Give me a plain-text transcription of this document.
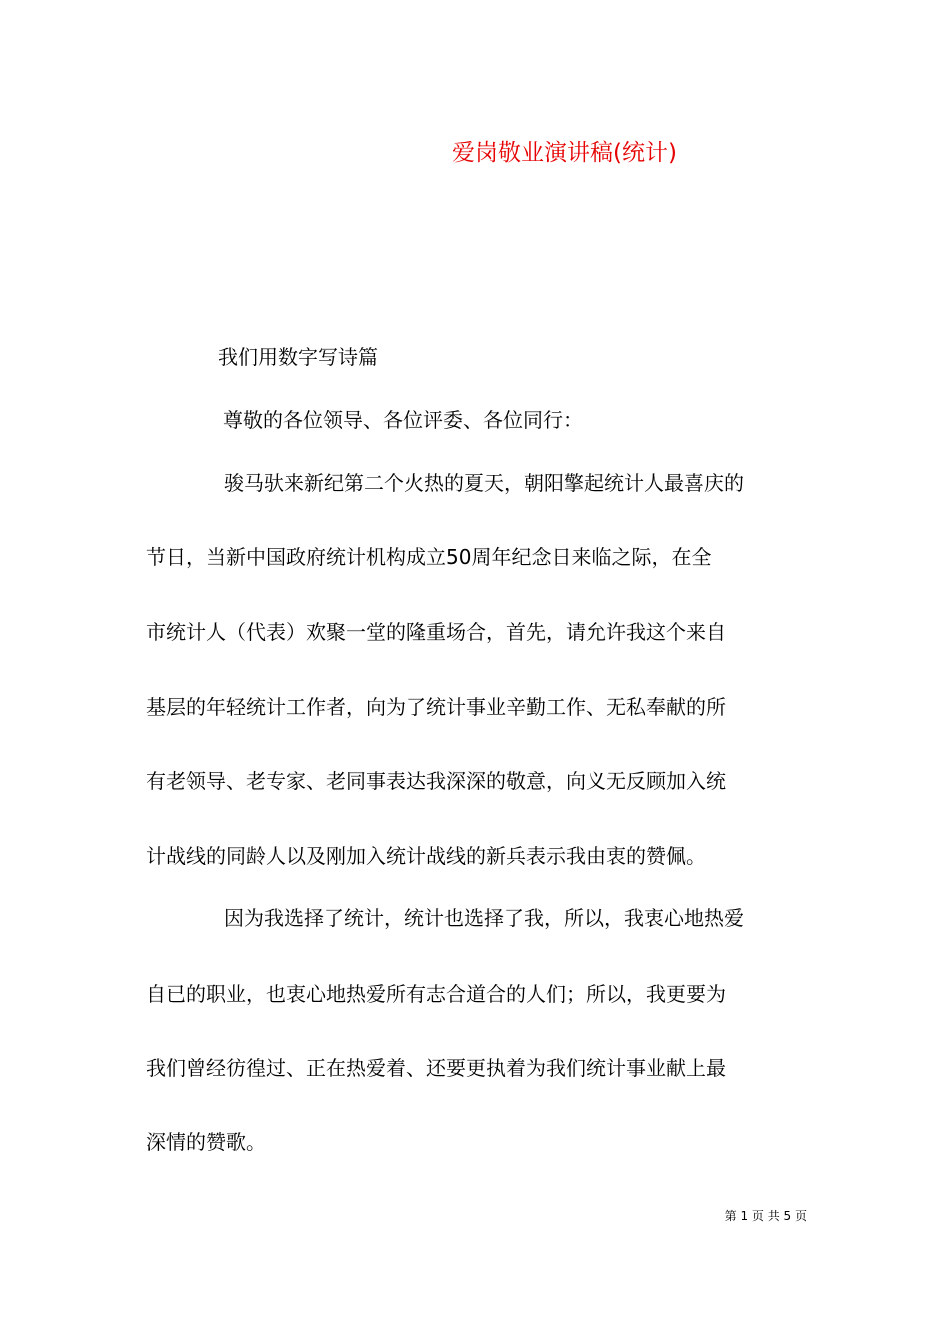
爱岗敬业演讲稿(统计)

我们用数字写诗篇

尊敬的各位领导、各位评委、各位同行：

骏马驮来新纪第二个火热的夏天，朝阳擎起统计人最喜庆的

节日，当新中国政府统计机构成立50周年纪念日来临之际，在全

市统计人（代表）欢聚一堂的隆重场合，首先，请允许我这个来自

基层的年轻统计工作者，向为了统计事业辛勤工作、无私奉献的所

有老领导、老专家、老同事表达我深深的敬意，向义无反顾加入统

计战线的同龄人以及刚加入统计战线的新兵表示我由衷的赞佩。

因为我选择了统计，统计也选择了我，所以，我衷心地热爱

自已的职业，也衷心地热爱所有志合道合的人们；所以，我更要为

我们曾经彷徨过、正在热爱着、还要更执着为我们统计事业献上最

深情的赞歌。

第 1 页 共 5 页
